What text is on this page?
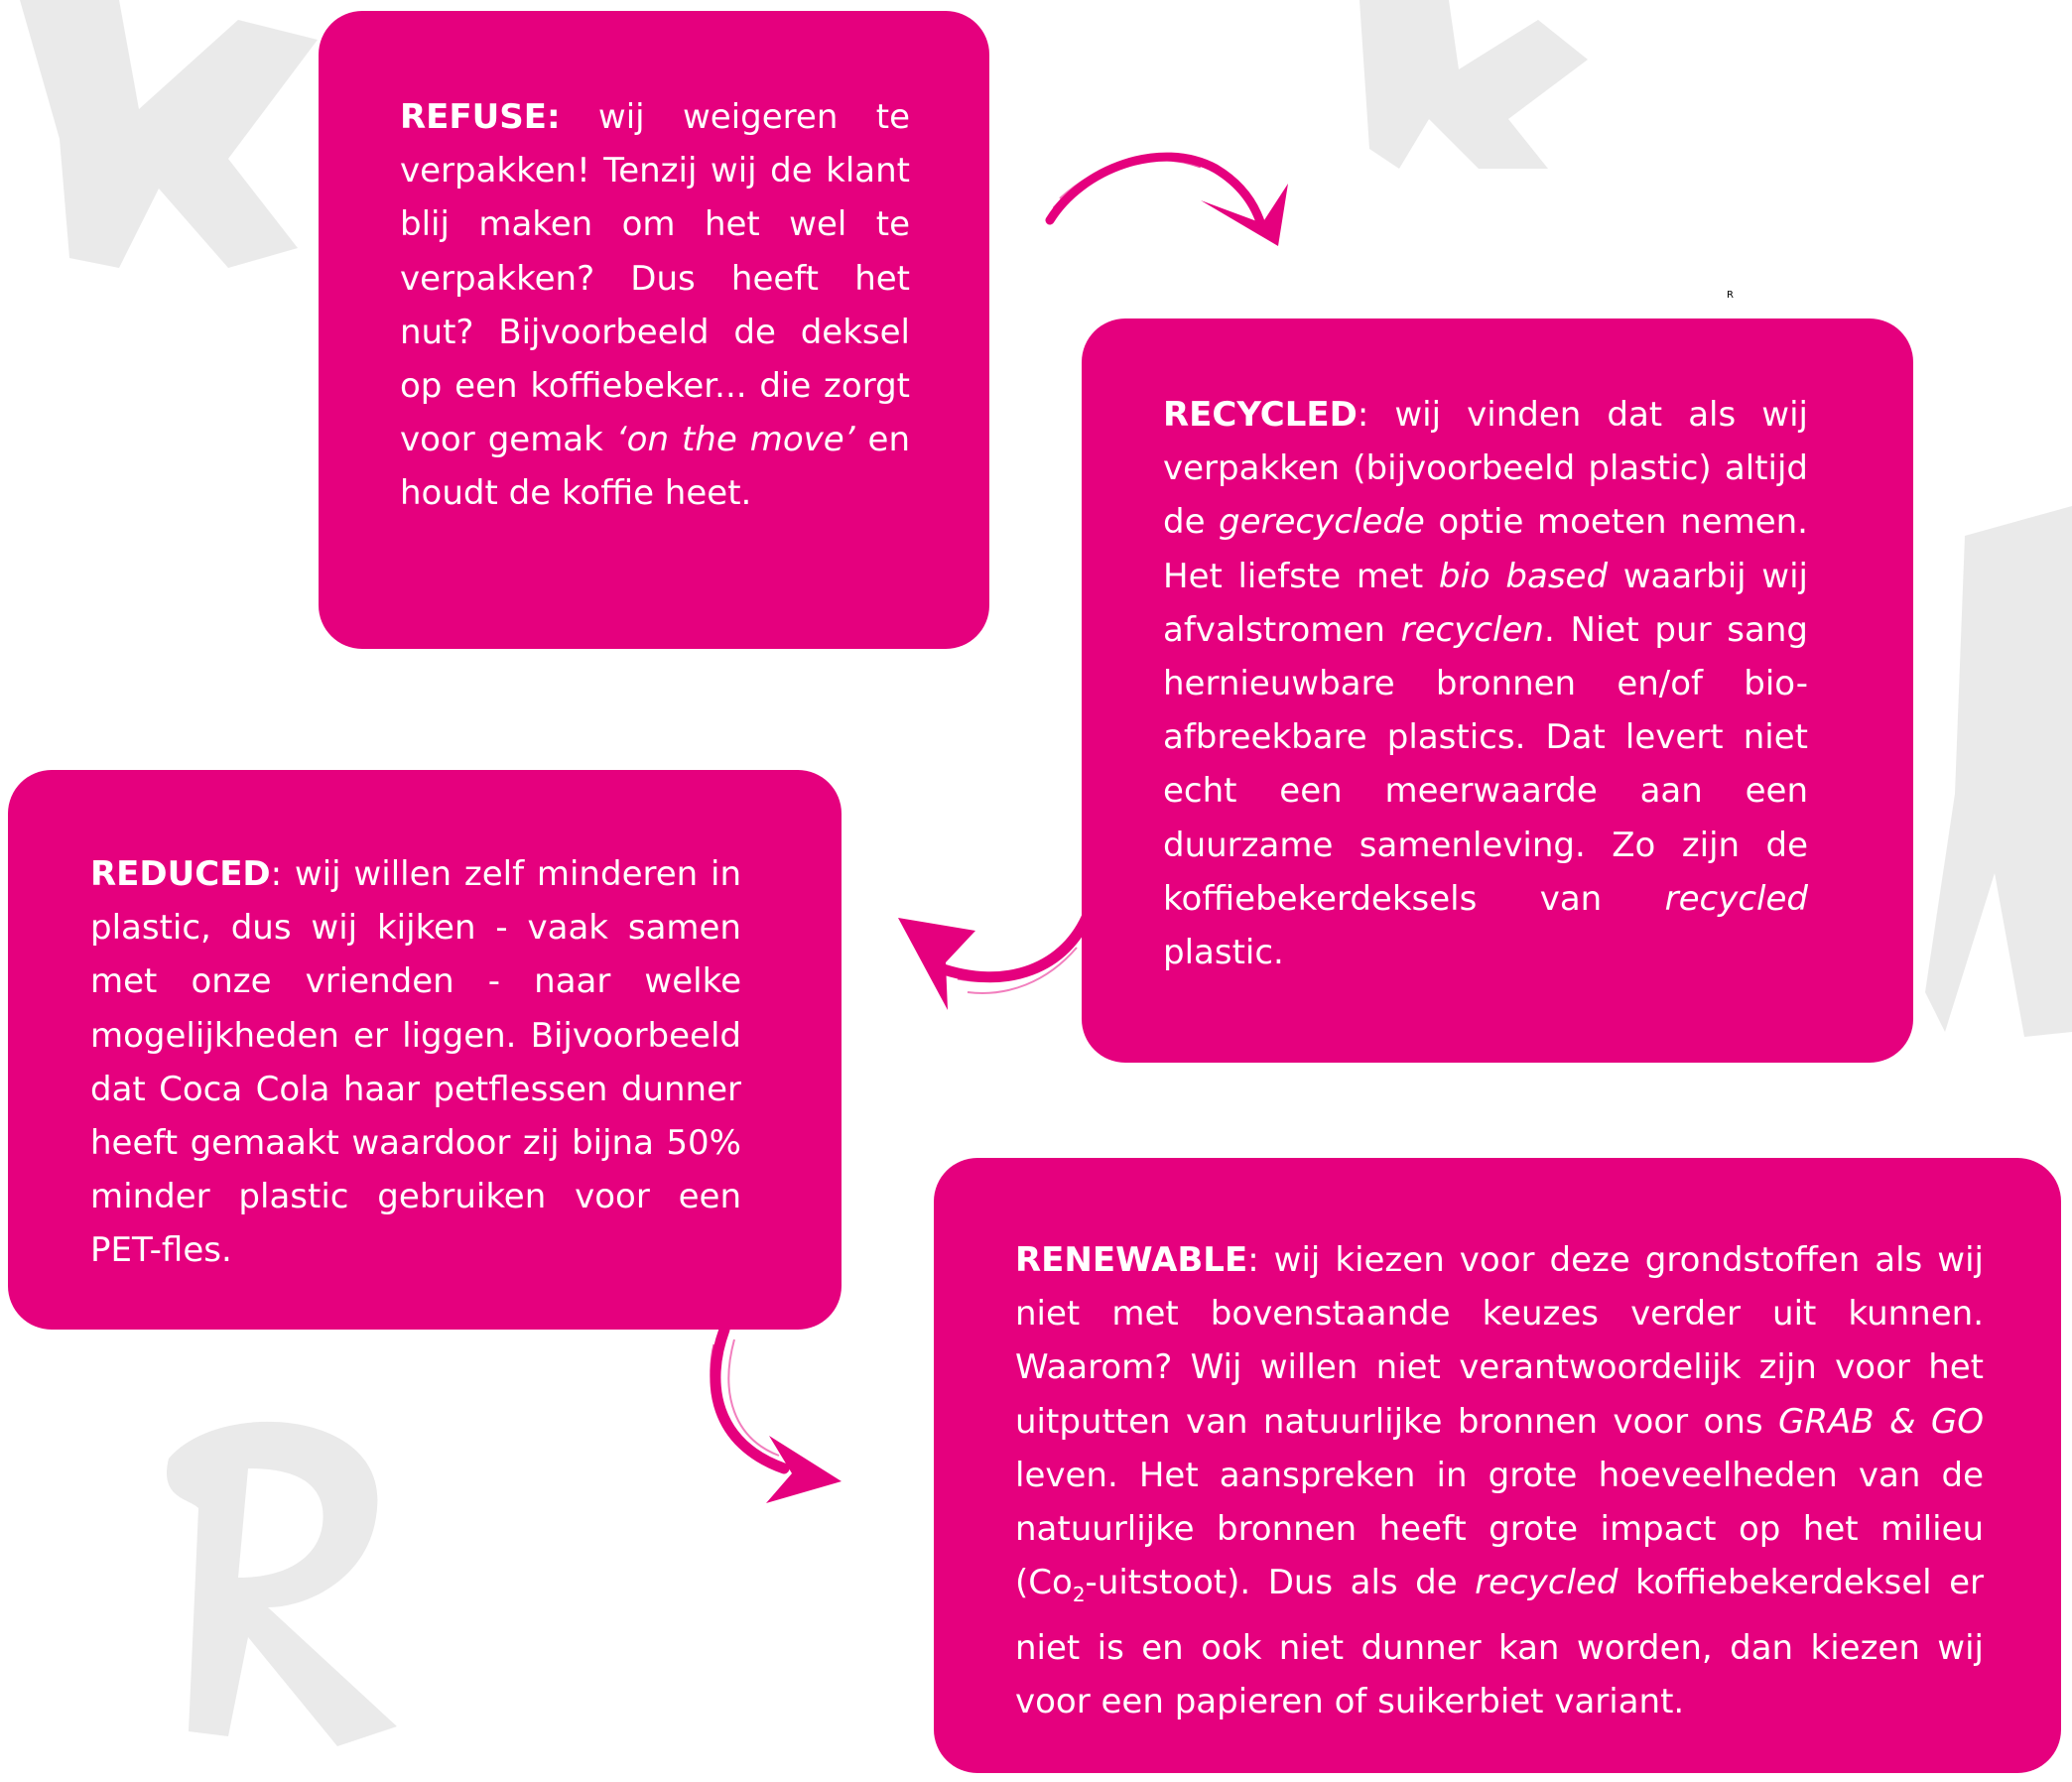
R

REFUSE: wij weigeren te verpakken! Tenzij wij de klant blij maken om het wel te verpakken? Dus heeft het nut? Bijvoorbeeld de deksel op een koffiebeker... die zorgt voor gemak ‘on the move’ en houdt de koffie heet.

RECYCLED: wij vinden dat als wij verpakken (bijvoorbeeld plastic) altijd de gerecyclede optie moeten nemen. Het liefste met bio based waarbij wij afvalstromen recyclen. Niet pur sang hernieuwbare bronnen en/of bio-afbreekbare plastics. Dat levert niet echt een meerwaarde aan een duurzame samenleving. Zo zijn de koffiebekerdeksels van recycled plastic.

REDUCED: wij willen zelf minderen in plastic, dus wij kijken - vaak samen met onze vrienden - naar welke mogelijkheden er liggen. Bijvoorbeeld dat Coca Cola haar petflessen dunner heeft gemaakt waardoor zij bijna 50% minder plastic gebruiken voor een PET-fles.	RENEWABLE: wij kiezen voor deze grondstoffen als wij niet met bovenstaande keuzes verder uit kunnen. Waarom? Wij willen niet verantwoordelijk zijn voor het uitputten van natuurlijke bronnen voor ons GRAB & GO leven. Het aanspreken in grote hoeveelheden van de natuurlijke bronnen heeft grote impact op het milieu $(Co_2-uitstoot)$. Dus als de recycled koffiebekerdeksel er niet is en ook niet dunner kan worden, dan kiezen wij voor een papieren of suikerbiet variant.
